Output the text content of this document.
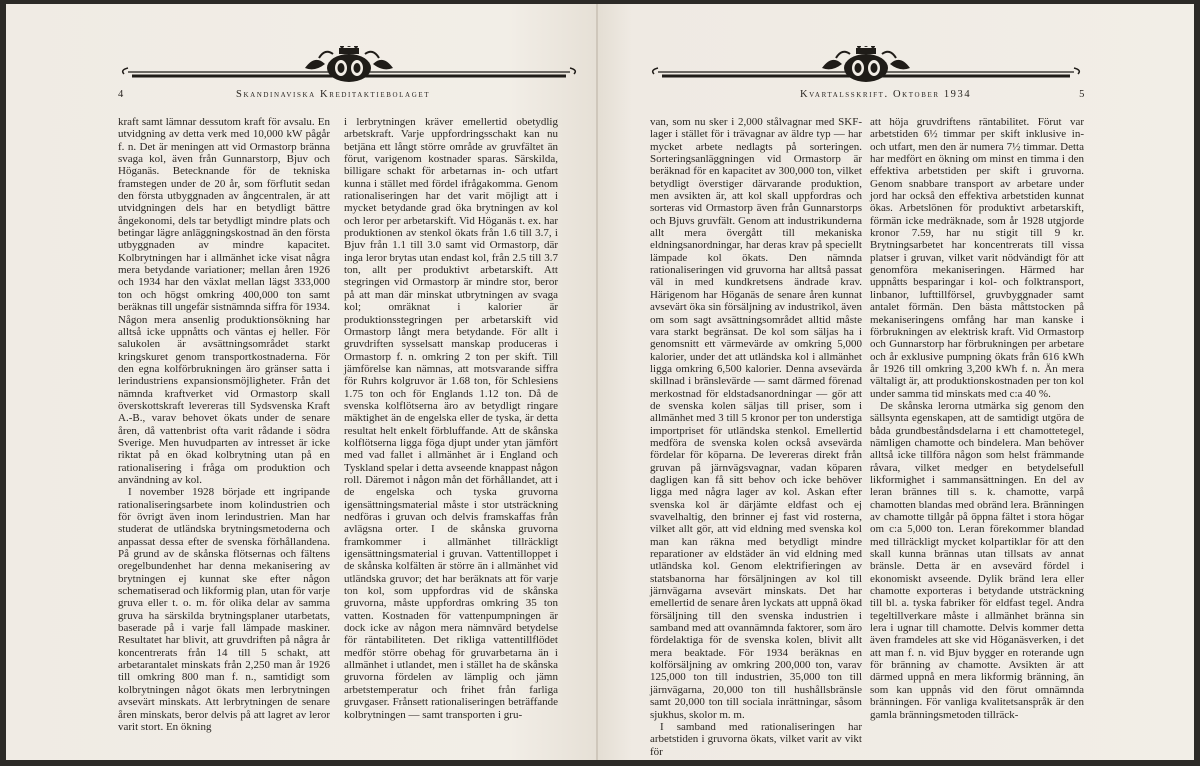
4	Skandinaviska Kreditaktiebolaget

kraft samt lämnar dessutom kraft för avsalu. En utvidgning av detta verk med 10,000 kW pågår f. n. Det är meningen att vid Ormastorp bränna svaga kol, även från Gunnarstorp, Bjuv och Höganäs. Betecknande för de tekniska framstegen under de 20 år, som förflutit sedan den första utbyggnaden av ångcentralen, är att utvidgningen dels har en betydligt bättre ångekonomi, dels tar betydligt mindre plats och betingar lägre anläggningskostnad än den första utbyggnaden av mindre kapacitet. Kolbrytningen har i allmänhet icke visat några mera betydande variationer; mellan åren 1926 och 1934 har den växlat mellan lägst 333,000 ton och högst omkring 400,000 ton samt beräknas till ungefär sistnämnda siffra för 1934. Någon mera ansenlig produktionsökning har alltså icke uppnåtts och väntas ej heller. För salukolen är avsättningsområdet starkt kringskuret genom transportkostnaderna. För den egna kolförbrukningen äro gränser satta i lerindustriens expansionsmöjligheter. Från det nämnda kraftverket vid Ormastorp skall överskottskraft levereras till Sydsvenska Kraft A.-B., varav behovet ökats under de senare åren, då vattenbrist ofta varit rådande i södra Sverige. Men huvudparten av intresset är icke riktat på en ökad kolbrytning utan på en rationalisering i fråga om produktion och användning av kol.

I november 1928 började ett ingripande rationaliseringsarbete inom kolindustrien och för övrigt även inom lerindustrien. Man har studerat de utländska brytningsmetoderna och anpassat dessa efter de svenska förhållandena. På grund av de skånska flötsernas och fältens oregelbundenhet har denna mekanisering av brytningen ej kunnat ske efter någon schematiserad och likformig plan, utan för varje gruva eller t. o. m. för olika delar av samma gruva ha särskilda brytningsplaner utarbetats, baserade på i varje fall lämpade maskiner. Resultatet har blivit, att gruvdriften på några år koncentrerats från 14 till 5 schakt, att arbetarantalet minskats från 2,250 man år 1926 till omkring 800 man f. n., samtidigt som kolbrytningen något ökats men lerbrytningen avsevärt minskats. Att lerbrytningen de senare åren minskats, beror delvis på att lagret av leror varit stort. En ökning

i lerbrytningen kräver emellertid obetydlig arbetskraft. Varje uppfordringsschakt kan nu betjäna ett långt större område av gruvfältet än förut, varigenom kostnader sparas. Särskilda, billigare schakt för arbetarnas in- och utfart kunna i stället med fördel ifrågakomma. Genom rationaliseringen har det varit möjligt att i mycket betydande grad öka brytningen av kol och leror per arbetarskift. Vid Höganäs t. ex. har produktionen av stenkol ökats från 1.6 till 3.7, i Bjuv från 1.1 till 3.0 samt vid Ormastorp, där inga leror brytas utan endast kol, från 2.5 till 3.7 ton, allt per produktivt arbetarskift. Att stegringen vid Ormastorp är mindre stor, beror på att man där minskat utbrytningen av svaga kol; omräknat i kalorier är produktionsstegringen per arbetarskift vid Ormastorp långt mera betydande. För allt i gruvdriften sysselsatt manskap produceras i Ormastorp f. n. omkring 2 ton per skift. Till jämförelse kan nämnas, att motsvarande siffra för Ruhrs kolgruvor är 1.68 ton, för Schlesiens 1.75 ton och för Englands 1.12 ton. Då de svenska kolflötserna äro av betydligt ringare mäktighet än de engelska eller de tyska, är detta resultat helt enkelt förbluffande. Att de skånska kolflötserna ligga föga djupt under ytan jämfört med vad fallet i allmänhet är i England och Tyskland spelar i detta avseende knappast någon roll. Däremot i någon mån det förhållandet, att i de engelska och tyska gruvorna igensättningsmaterial måste i stor utsträckning nedföras i gruvan och delvis framskaffas från avlägsna orter. I de skånska gruvorna framkommer i allmänhet tillräckligt igensättningsmaterial i gruvan. Vattentilloppet i de skånska kolfälten är större än i allmänhet vid utländska gruvor; det har beräknats att för varje ton kol, som uppfordras vid de skånska gruvorna, måste uppfordras omkring 35 ton vatten. Kostnaden för vattenpumpningen är dock icke av någon mera nämnvärd betydelse för räntabiliteten. Det rikliga vattentillflödet medför större obehag för gruvarbetarna än i allmänhet i utlandet, men i stället ha de skånska gruvorna fördelen av lämplig och jämn arbetstemperatur och frihet från farliga gruvgaser. Frånsett rationaliseringen beträffande kolbrytningen — samt transporten i gru-

Kvartalsskrift. Oktober 1934	5

van, som nu sker i 2,000 stålvagnar med SKF-lager i stället för i trävagnar av äldre typ — har mycket arbete nedlagts på sorteringen. Sorteringsanläggningen vid Ormastorp är beräknad för en kapacitet av 300,000 ton, vilket betydligt överstiger därvarande produktion, men avsikten är, att kol skall uppfordras och sorteras vid Ormastorp även från Gunnarstorps och Bjuvs gruvfält. Genom att industrikunderna allt mera övergått till mekaniska eldningsanordningar, har deras krav på speciellt lämpade kol ökats. Den nämnda rationaliseringen vid gruvorna har alltså passat väl in med kundkretsens ändrade krav. Härigenom har Höganäs de senare åren kunnat avsevärt öka sin försäljning av industrikol, även om som sagt avsättningsområdet alltid måste vara starkt begränsat. De kol som säljas ha i genomsnitt ett värmevärde av omkring 5,000 kalorier, under det att utländska kol i allmänhet ligga omkring 6,500 kalorier. Denna avsevärda skillnad i bränslevärde — samt därmed förenad merkostnad för eldstadsanordningar — gör att de svenska kolen säljas till priser, som i allmänhet med 3 till 5 kronor per ton understiga importpriset för utländska stenkol. Emellertid medföra de svenska kolen också avsevärda fördelar för köparna. De levereras direkt från gruvan på järnvägsvagnar, vadan köparen dagligen kan få sitt behov och icke behöver ligga med några lager av kol. Askan efter svenska kol är därjämte eldfast och ej svavelhaltig, den brinner ej fast vid rosterna, vilket allt gör, att vid eldning med svenska kol man kan räkna med betydligt mindre reparationer av eldstäder än vid eldning med utländska kol. Genom elektrifieringen av statsbanorna har försäljningen av kol till järnvägarna avsevärt minskats. Det har emellertid de senare åren lyckats att uppnå ökad försäljning till den svenska industrien i samband med att ovannämnda faktorer, som äro fördelaktiga för de svenska kolen, blivit allt mera beaktade. För 1934 beräknas en kolförsäljning av omkring 200,000 ton, varav 125,000 ton till industrien, 35,000 ton till järnvägarna, 20,000 ton till hushållsbränsle samt 20,000 ton till sociala inrättningar, såsom sjukhus, skolor m. m.

I samband med rationaliseringen har arbetstiden i gruvorna ökats, vilket varit av vikt för

att höja gruvdriftens räntabilitet. Förut var arbetstiden 6½ timmar per skift inklusive in- och utfart, men den är numera 7½ timmar. Detta har medfört en ökning om minst en timma i den effektiva arbetstiden per skift i gruvorna. Genom snabbare transport av arbetare under jord har också den effektiva arbetstiden kunnat ökas. Arbetslönen för produktivt arbetarskift, förmän icke medräknade, som år 1928 utgjorde kronor 7.59, har nu stigit till 9 kr. Brytningsarbetet har koncentrerats till vissa platser i gruvan, vilket varit nödvändigt för att genomföra mekaniseringen. Härmed har uppnåtts besparingar i kol- och folktransport, linbanor, lufttillförsel, gruvbyggnader samt antalet förmän. Den bästa måttstocken på mekaniseringens omfång har man kanske i förbrukningen av elektrisk kraft. Vid Ormastorp och Gunnarstorp har förbrukningen per arbetare och år exklusive pumpning ökats från 616 kWh år 1926 till omkring 3,200 kWh f. n. Än mera vältaligt är, att produktionskostnaden per ton kol under samma tid minskats med c:a 40 %.

De skånska lerorna utmärka sig genom den sällsynta egenskapen, att de samtidigt utgöra de båda grundbeståndsdelarna i ett chamottetegel, nämligen chamotte och bindelera. Man behöver alltså icke tillföra någon som helst främmande råvara, vilket medger en betydelsefull likformighet i sammansättningen. En del av leran brännes till s. k. chamotte, varpå chamotten blandas med obränd lera. Bränningen av chamotte tillgår på öppna fältet i stora högar om c:a 5,000 ton. Leran förekommer blandad med tillräckligt mycket kolpartiklar för att den skall kunna brännas utan tillsats av annat bränsle. Detta är en avsevärd fördel i ekonomiskt avseende. Dylik bränd lera eller chamotte exporteras i betydande utsträckning till bl. a. tyska fabriker för eldfast tegel. Andra tegeltillverkare måste i allmänhet bränna sin lera i ugnar till chamotte. Delvis kommer detta även framdeles att ske vid Höganäsverken, i det att man f. n. vid Bjuv bygger en roterande ugn för bränning av chamotte. Avsikten är att därmed uppnå en mera likformig bränning, än som kan uppnås vid den förut omnämnda bränningen. För vanliga kvalitetsanspråk är den gamla bränningsmetoden tillräck-
